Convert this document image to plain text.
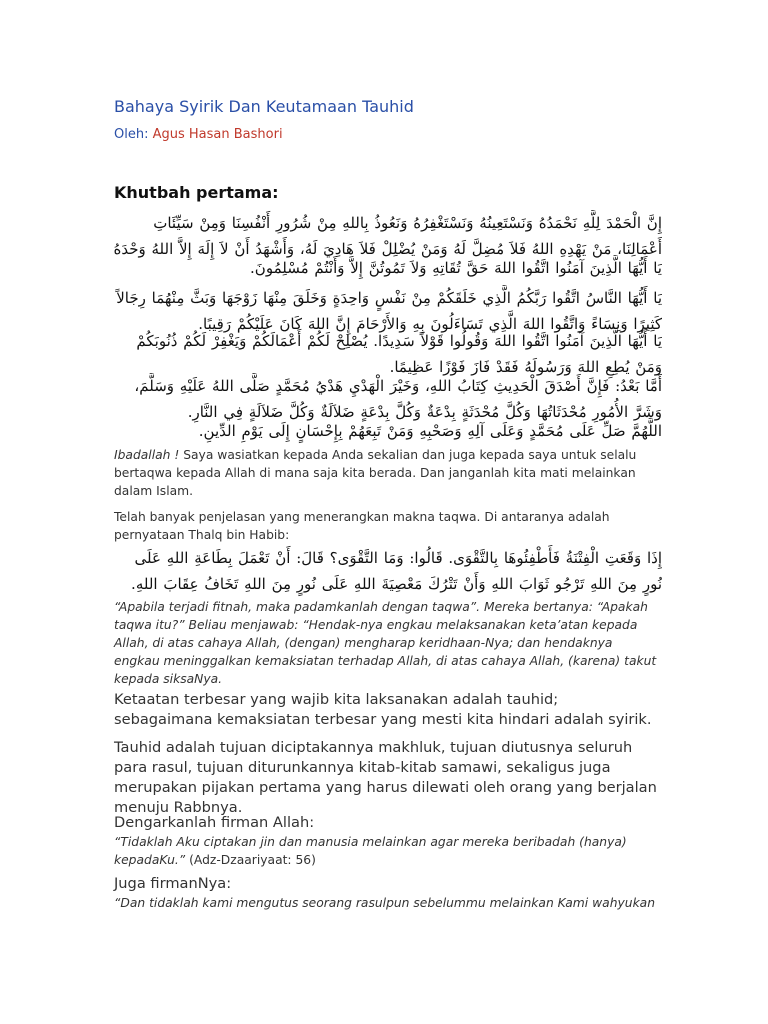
Bahaya Syirik Dan Keutamaan Tauhid
Oleh: Agus Hasan Bashori
Khutbah pertama:

إِنَّ الْحَمْدَ لِلَّهِ نَحْمَدُهُ وَنَسْتَعِينُهُ وَنَسْتَغْفِرُهُ وَنَعُوذُ بِاللهِ مِنْ شُرُورِ أَنْفُسِنَا وَمِنْ سَيِّئَاتِ أَعْمَالِنَا، مَنْ يَهْدِهِ اللهُ فَلاَ مُضِلَّ لَهُ وَمَنْ يُضْلِلْ فَلاَ هَادِيَ لَهُ، وَأَشْهَدُ أَنْ لاَ إِلَهَ إِلاَّ اللهُ وَحْدَهُ

يَا أَيُّهَا الَّذِينَ آمَنُوا اتَّقُوا اللهَ حَقَّ تُقَاتِهِ وَلاَ تَمُوتُنَّ إِلاَّ وَأَنْتُمْ مُسْلِمُونَ.

يَا أَيُّهَا النَّاسُ اتَّقُوا رَبَّكُمُ الَّذِي خَلَقَكُمْ مِنْ نَفْسٍ وَاحِدَةٍ وَخَلَقَ مِنْهَا زَوْجَهَا وَبَثَّ مِنْهُمَا رِجَالاً كَثِيرًا وَنِسَاءً وَاتَّقُوا اللهَ الَّذِي تَسَاءَلُونَ بِهِ وَالأَرْحَامَ إِنَّ اللهَ كَانَ عَلَيْكُمْ رَقِيبًا.

يَا أَيُّهَا الَّذِينَ آمَنُوا اتَّقُوا اللهَ وَقُولُوا قَوْلاً سَدِيدًا. يُصْلِحْ لَكُمْ أَعْمَالَكُمْ وَيَغْفِرْ لَكُمْ ذُنُوبَكُمْ وَمَنْ يُطِعِ اللهَ وَرَسُولَهُ فَقَدْ فَازَ فَوْزًا عَظِيمًا.

أَمَّا بَعْدُ: فَإِنَّ أَصْدَقَ الْحَدِيثِ كِتَابُ اللهِ، وَخَيْرَ الْهَدْيِ هَدْيُ مُحَمَّدٍ صَلَّى اللهُ عَلَيْهِ وَسَلَّمَ، وَشَرَّ الأُمُورِ مُحْدَثَاتُهَا وَكُلَّ مُحْدَثَةٍ بِدْعَةٌ وَكُلَّ بِدْعَةٍ ضَلاَلَةٌ وَكُلَّ ضَلاَلَةٍ فِي النَّارِ.

اللَّهُمَّ صَلِّ عَلَى مُحَمَّدٍ وَعَلَى آلِهِ وَصَحْبِهِ وَمَنْ تَبِعَهُمْ بِإِحْسَانٍ إِلَى يَوْمِ الدِّينِ.

Ibadallah ! Saya wasiatkan kepada Anda sekalian dan juga kepada saya untuk selalu bertaqwa kepada Allah di mana saja kita berada. Dan janganlah kita mati melainkan dalam Islam.

Telah banyak penjelasan yang menerangkan makna taqwa. Di antaranya adalah pernyataan Thalq bin Habib:

إِذَا وَقَعَتِ الْفِتْنَةُ فَأَطْفِئُوهَا بِالتَّقْوَى. قَالُوا: وَمَا التَّقْوَى؟ قَالَ: أَنْ تَعْمَلَ بِطَاعَةِ اللهِ عَلَى نُورٍ مِنَ اللهِ تَرْجُو ثَوَابَ اللهِ وَأَنْ تَتْرُكَ مَعْصِيَةَ اللهِ عَلَى نُورٍ مِنَ اللهِ تَخَافُ عِقَابَ اللهِ.

“Apabila terjadi fitnah, maka padamkanlah dengan taqwa”. Mereka bertanya: “Apakah taqwa itu?” Beliau menjawab: “Hendak-nya engkau melaksanakan keta’atan kepada Allah, di atas cahaya Allah, (dengan) mengharap keridhaan-Nya; dan hendaknya engkau meninggalkan kemaksiatan terhadap Allah, di atas cahaya Allah, (karena) takut kepada siksaNya.

Ketaatan terbesar yang wajib kita laksanakan adalah tauhid; sebagaimana kemaksiatan terbesar yang mesti kita hindari adalah syirik.

Tauhid adalah tujuan diciptakannya makhluk, tujuan diutusnya seluruh para rasul, tujuan diturunkannya kitab-kitab samawi, sekaligus juga merupakan pijakan pertama yang harus dilewati oleh orang yang berjalan menuju Rabbnya.

Dengarkanlah firman Allah:

“Tidaklah Aku ciptakan jin dan manusia melainkan agar mereka beribadah (hanya) kepadaKu.” (Adz-Dzaariyaat: 56)

Juga firmanNya:

“Dan tidaklah kami mengutus seorang rasulpun sebelummu melainkan Kami wahyukan
